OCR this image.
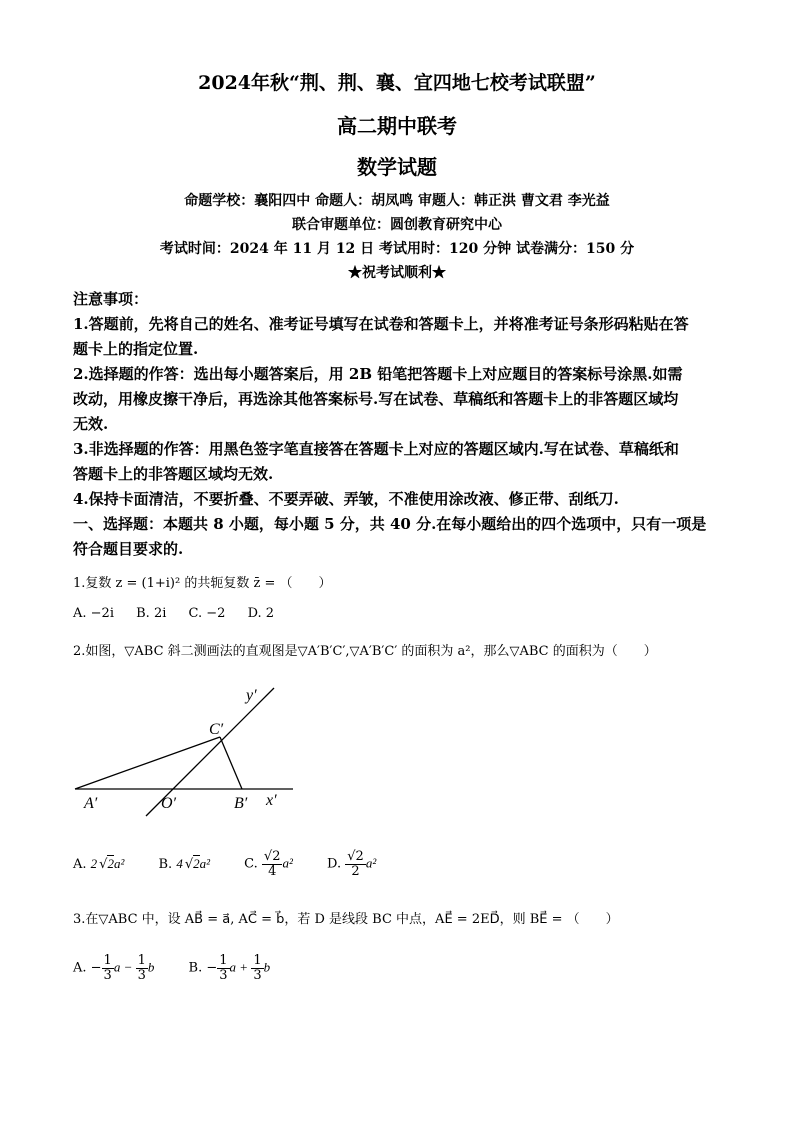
2024年秋“荆、荆、襄、宜四地七校考试联盟”
高二期中联考
数学试题
命题学校：襄阳四中 命题人：胡凤鸣 审题人：韩正洪 曹文君 李光益
联合审题单位：圆创教育研究中心
考试时间：2024 年 11 月 12 日 考试用时：120 分钟 试卷满分：150 分
★祝考试顺利★
注意事项：
1.答题前，先将自己的姓名、准考证号填写在试卷和答题卡上，并将准考证号条形码粘贴在答
题卡上的指定位置.
2.选择题的作答：选出每小题答案后，用 2B 铅笔把答题卡上对应题目的答案标号涂黑.如需
改动，用橡皮擦干净后，再选涂其他答案标号.写在试卷、草稿纸和答题卡上的非答题区域均
无效.
3.非选择题的作答：用黑色签字笔直接答在答题卡上对应的答题区域内.写在试卷、草稿纸和
答题卡上的非答题区域均无效.
4.保持卡面清洁，不要折叠、不要弄破、弄皱，不准使用涂改液、修正带、刮纸刀.
一、选择题：本题共 8 小题，每小题 5 分，共 40 分.在每小题给出的四个选项中，只有一项是
符合题目要求的.
1.复数 z = (1+i)² 的共轭复数 z̄ = （　　）
A. −2i B. 2i C. −2 D. 2
2.如图，▽ABC 斜二测画法的直观图是▽A′B′C′,▽A′B′C′ 的面积为 a²，那么▽ABC 的面积为（　　）
y′
x′
A′	O′	B′
C′
A. 2 √2a²	B. 4 √2a²	C. $\frac{√2}{4} a^2$	D. $\frac{√2}{2} a^2$
3.在▽ABC 中，设 AB⃗ = a⃗, AC⃗ = b⃗，若 D 是线段 BC 中点，AE⃗ = 2ED⃗，则 BE⃗ = （　　）
A. − $\frac{1}{3}$ $a - \frac{1}{3}$ b	B. − $\frac{1}{3}$ $a + \frac{1}{3}$ b
